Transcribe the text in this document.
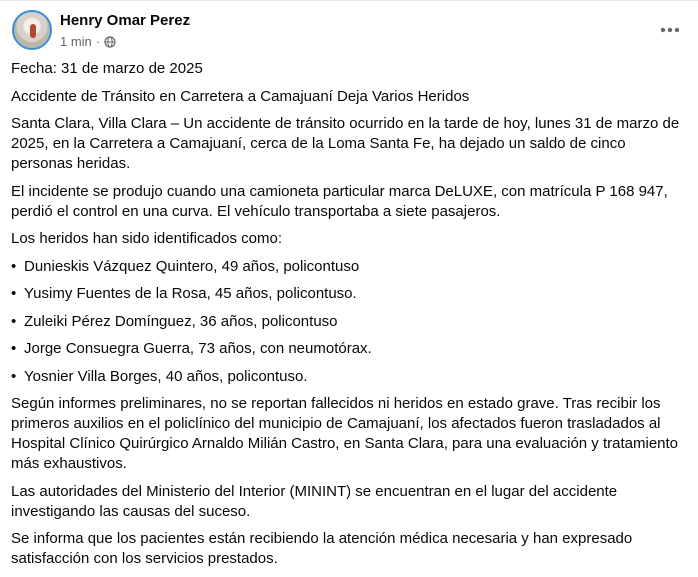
Henry Omar Perez
1 min ·

Fecha: 31 de marzo de 2025

Accidente de Tránsito en Carretera a Camajuaní Deja Varios Heridos

Santa Clara, Villa Clara – Un accidente de tránsito ocurrido en la tarde de hoy, lunes 31 de marzo de 2025, en la Carretera a Camajuaní, cerca de la Loma Santa Fe, ha dejado un saldo de cinco personas heridas.

El incidente se produjo cuando una camioneta particular marca DeLUXE, con matrícula P 168 947, perdió el control en una curva. El vehículo transportaba a siete pasajeros.

Los heridos han sido identificados como:

• Dunieskis Vázquez Quintero, 49 años, policontuso
• Yusimy Fuentes de la Rosa, 45 años, policontuso.
• Zuleiki Pérez Domínguez, 36 años, policontuso
• Jorge Consuegra Guerra, 73 años, con neumotórax.
• Yosnier Villa Borges, 40 años, policontuso.

Según informes preliminares, no se reportan fallecidos ni heridos en estado grave. Tras recibir los primeros auxilios en el policlínico del municipio de Camajuaní, los afectados fueron trasladados al Hospital Clínico Quirúrgico Arnaldo Milián Castro, en Santa Clara, para una evaluación y tratamiento más exhaustivos.

Las autoridades del Ministerio del Interior (MININT) se encuentran en el lugar del accidente investigando las causas del suceso.

Se informa que los pacientes están recibiendo la atención médica necesaria y han expresado satisfacción con los servicios prestados.
